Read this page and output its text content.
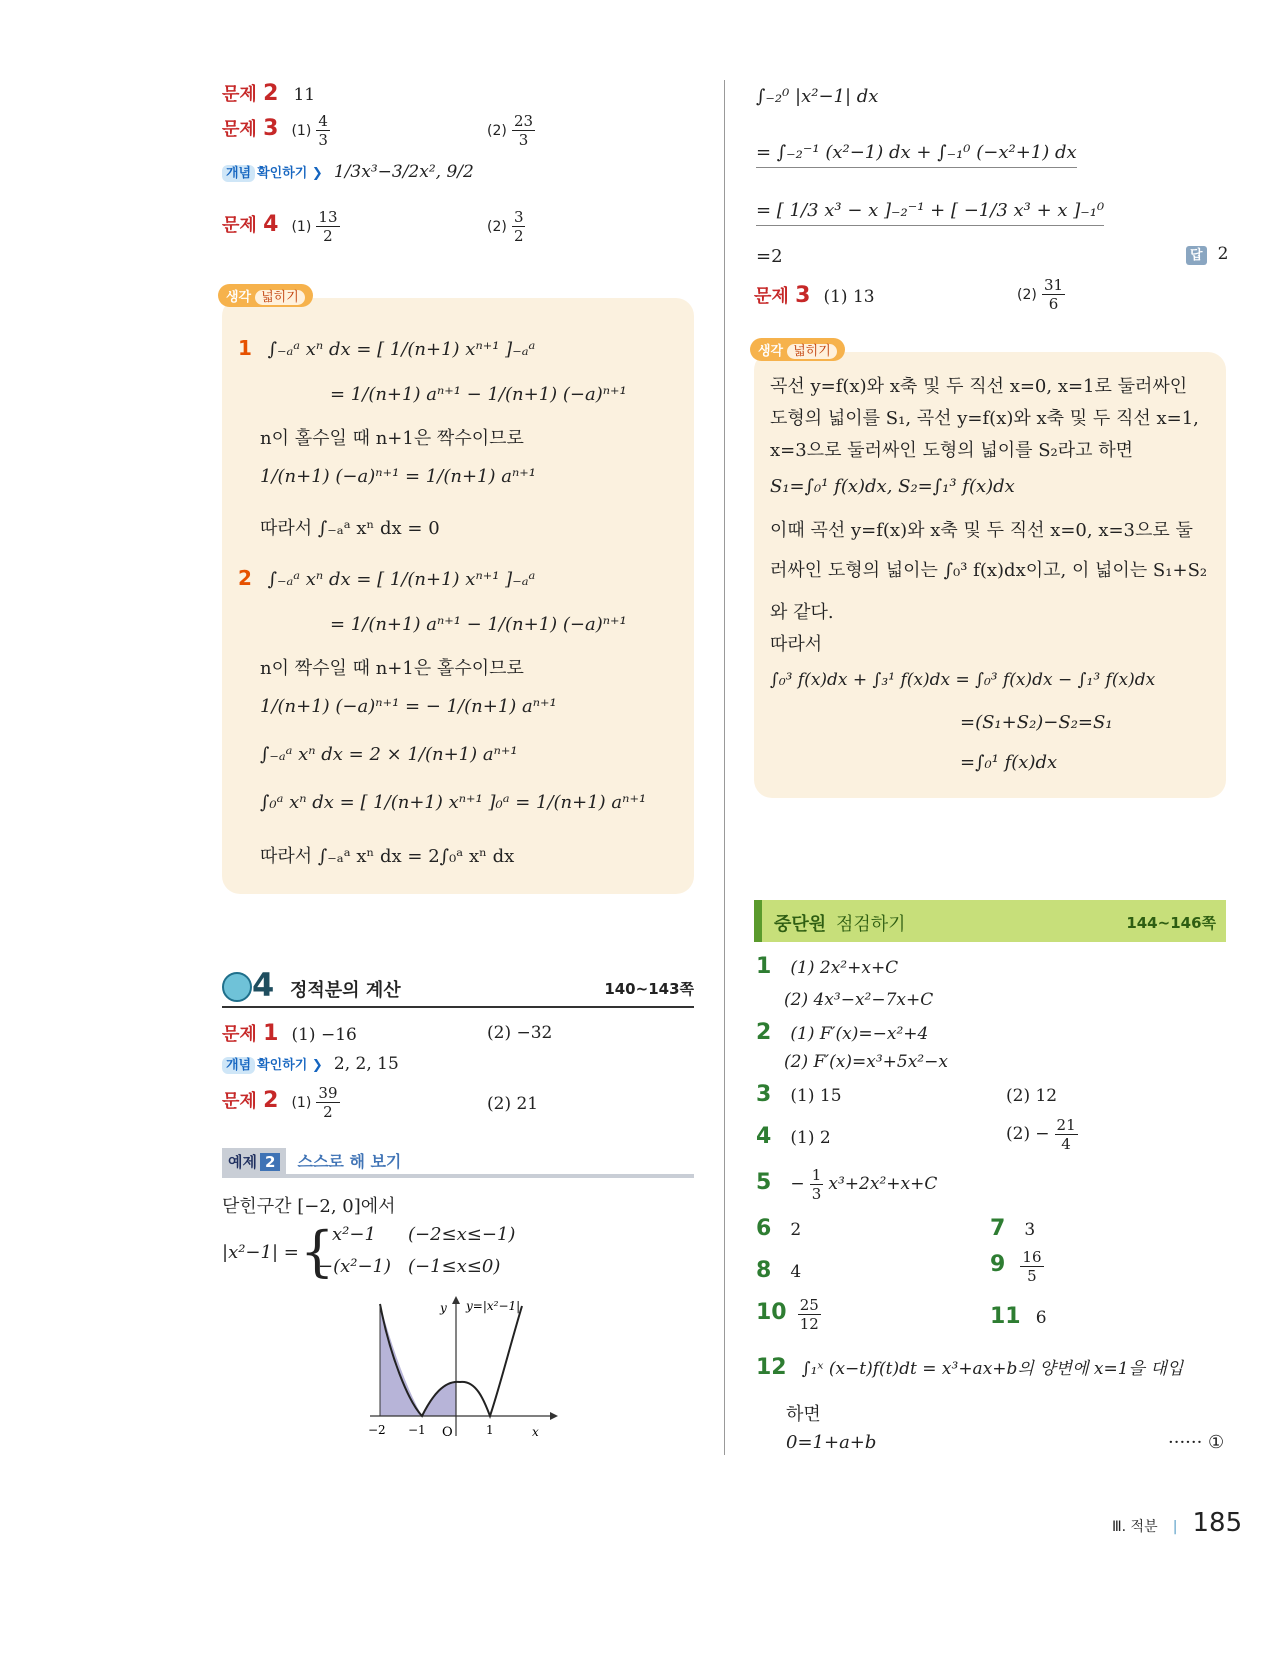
문제 2 11
문제 3 $(1) \frac{4}{3}$	$(2) \frac{23}{3}$
개념 확인하기 ❯ 1/3x³−3/2x², 9/2
문제 4 $(1) \frac{13}{2}$	$(2) \frac{3}{2}$
생각 넓히기
1 ∫₋ₐᵃ xⁿ dx = [ 1/(n+1) xⁿ⁺¹ ]₋ₐᵃ
= 1/(n+1) aⁿ⁺¹ − 1/(n+1) (−a)ⁿ⁺¹
n이 홀수일 때 n+1은 짝수이므로
1/(n+1) (−a)ⁿ⁺¹ = 1/(n+1) aⁿ⁺¹
따라서 ∫₋ₐᵃ xⁿ dx = 0
2 ∫₋ₐᵃ xⁿ dx = [ 1/(n+1) xⁿ⁺¹ ]₋ₐᵃ
= 1/(n+1) aⁿ⁺¹ − 1/(n+1) (−a)ⁿ⁺¹
n이 짝수일 때 n+1은 홀수이므로
1/(n+1) (−a)ⁿ⁺¹ = − 1/(n+1) aⁿ⁺¹
∫₋ₐᵃ xⁿ dx = 2 × 1/(n+1) aⁿ⁺¹
∫₀ᵃ xⁿ dx = [ 1/(n+1) xⁿ⁺¹ ]₀ᵃ = 1/(n+1) aⁿ⁺¹
따라서 ∫₋ₐᵃ xⁿ dx = 2∫₀ᵃ xⁿ dx
4 정적분의 계산	140~143쪽
문제 1 (1) −16	(2) −32
개념 확인하기 ❯ 2, 2, 15
문제 2 $(1) \frac{39}{2}$	(2) 21
예제 2 스스로 해 보기
닫힌구간 [−2, 0]에서
|x²−1| = {
x²−1 (−2≤x≤−1)
−(x²−1) (−1≤x≤0)
y y=|x²−1|
x
−2 −1 O	1
∫₋₂⁰ |x²−1| dx
= ∫₋₂⁻¹ (x²−1) dx + ∫₋₁⁰ (−x²+1) dx
= [ 1/3 x³ − x ]₋₂⁻¹ + [ −1/3 x³ + x ]₋₁⁰
=2	답 2
문제 3 (1) 13	$(2) \frac{31}{6}$
생각 넓히기
곡선 y=f(x)와 x축 및 두 직선 x=0, x=1로 둘러싸인
도형의 넓이를 S₁, 곡선 y=f(x)와 x축 및 두 직선 x=1,
x=3으로 둘러싸인 도형의 넓이를 S₂라고 하면
S₁=∫₀¹ f(x)dx, S₂=∫₁³ f(x)dx
이때 곡선 y=f(x)와 x축 및 두 직선 x=0, x=3으로 둘
러싸인 도형의 넓이는 ∫₀³ f(x)dx이고, 이 넓이는 S₁+S₂
와 같다.
따라서
∫₀³ f(x)dx + ∫₃¹ f(x)dx = ∫₀³ f(x)dx − ∫₁³ f(x)dx
=(S₁+S₂)−S₂=S₁
=∫₀¹ f(x)dx
중단원 점검하기	144~146쪽
1 (1) 2x²+x+C
(2) 4x³−x²−7x+C
2 (1) F′(x)=−x²+4
(2) F′(x)=x³+5x²−x
3 (1) 15	(2) 12
4 (1) 2	$(2) - \frac{21}{4}$
$5 - \frac{1}{3} x^3+2x^2+x+C$
6 2	7 3
8 4	$9 \frac{16}{5}$
$10 \frac{25}{12}$	11 6
12 ∫₁ˣ (x−t)f(t)dt = x³+ax+b의 양변에 x=1을 대입
하면
0=1+a+b	······ ①
Ⅲ. 적분 | 185
